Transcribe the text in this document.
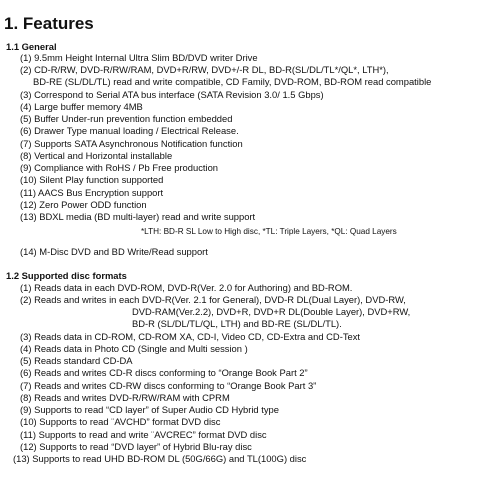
1. Features
1.1 General
(1) 9.5mm Height Internal Ultra Slim BD/DVD writer Drive
(2) CD-R/RW, DVD-R/RW/RAM, DVD+R/RW, DVD+/-R DL, BD-R(SL/DL/TL*/QL*, LTH*),
BD-RE (SL/DL/TL) read and write compatible, CD Family, DVD-ROM, BD-ROM read compatible
(3) Correspond to Serial ATA bus interface (SATA Revision 3.0/ 1.5 Gbps)
(4) Large buffer memory 4MB
(5) Buffer Under-run prevention function embedded
(6) Drawer Type manual loading / Electrical Release.
(7) Supports SATA Asynchronous Notification function
(8) Vertical and Horizontal installable
(9) Compliance with RoHS / Pb Free production
(10) Silent Play function supported
(11) AACS Bus Encryption support
(12) Zero Power ODD function
(13) BDXL media (BD multi-layer) read and write support
*LTH: BD-R SL Low to High disc, *TL: Triple Layers, *QL: Quad Layers
(14) M-Disc DVD and BD Write/Read support
1.2 Supported disc formats
(1) Reads data in each DVD-ROM, DVD-R(Ver. 2.0 for Authoring) and BD-ROM.
(2) Reads and writes in each DVD-R(Ver. 2.1 for General), DVD-R DL(Dual Layer), DVD-RW,
DVD-RAM(Ver.2.2), DVD+R, DVD+R DL(Double Layer), DVD+RW,
BD-R (SL/DL/TL/QL, LTH) and BD-RE (SL/DL/TL).
(3) Reads data in CD-ROM, CD-ROM XA, CD-I, Video CD, CD-Extra and CD-Text
(4) Reads data in Photo CD (Single and Multi session )
(5) Reads standard CD-DA
(6) Reads and writes CD-R discs conforming to “Orange Book Part 2”
(7) Reads and writes CD-RW discs conforming to “Orange Book Part 3”
(8) Reads and writes DVD-R/RW/RAM with CPRM
(9) Supports to read “CD layer” of Super Audio CD Hybrid type
(10) Supports to read ¨AVCHD” format DVD disc
(11) Supports to read and write ¨AVCREC” format DVD disc
(12) Supports to read “DVD layer” of Hybrid Blu-ray disc
(13) Supports to read UHD BD-ROM DL (50G/66G) and TL(100G) disc
